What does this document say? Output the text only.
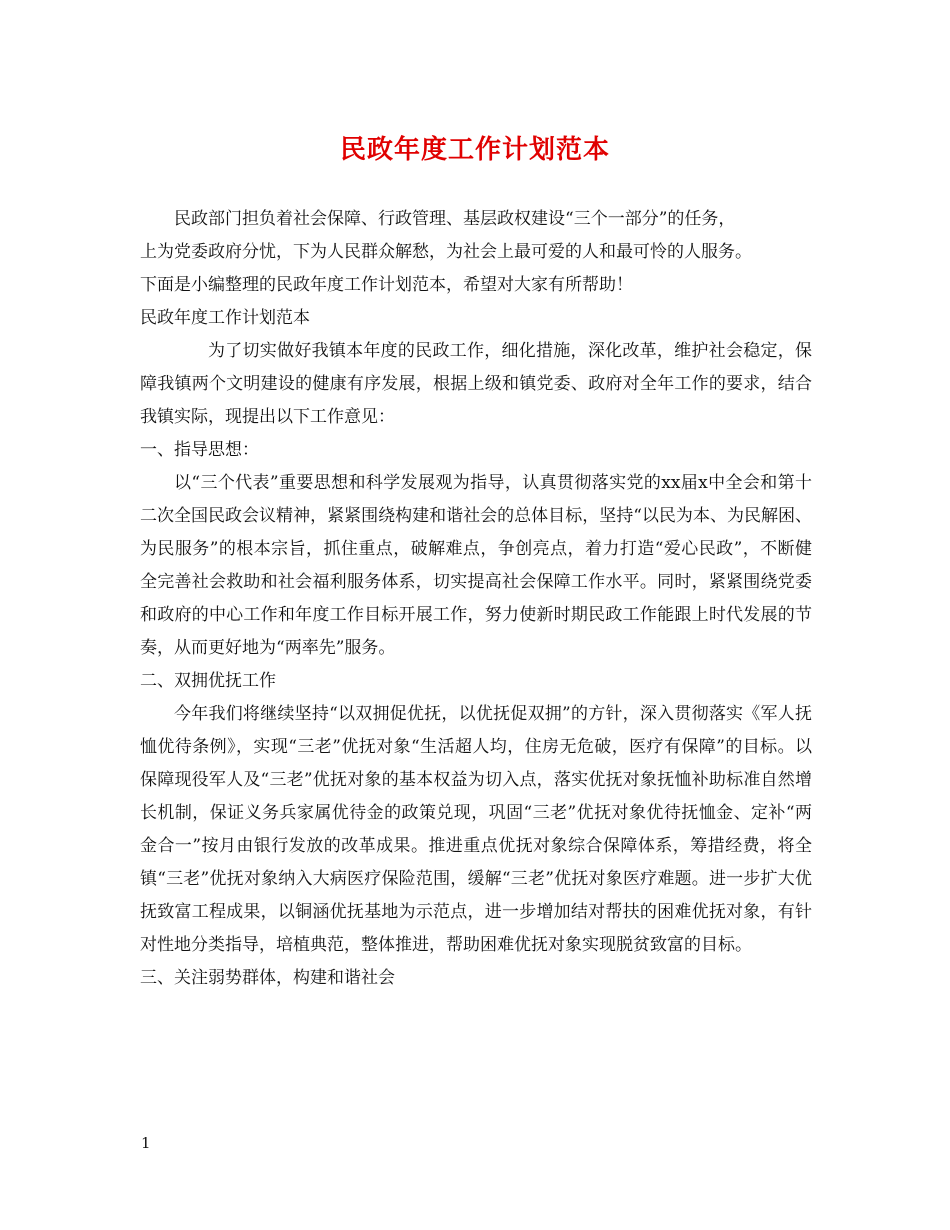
民政年度工作计划范本

民政部门担负着社会保障、行政管理、基层政权建设“三个一部分”的任务，

上为党委政府分忧，下为人民群众解愁，为社会上最可爱的人和最可怜的人服务。

下面是小编整理的民政年度工作计划范本，希望对大家有所帮助！

民政年度工作计划范本

为了切实做好我镇本年度的民政工作，细化措施，深化改革，维护社会稳定，保障我镇两个文明建设的健康有序发展，根据上级和镇党委、政府对全年工作的要求，结合我镇实际，现提出以下工作意见：

一、指导思想：

以“三个代表”重要思想和科学发展观为指导，认真贯彻落实党的xx届x中全会和第十二次全国民政会议精神，紧紧围绕构建和谐社会的总体目标，坚持“以民为本、为民解困、为民服务”的根本宗旨，抓住重点，破解难点，争创亮点，着力打造“爱心民政”，不断健全完善社会救助和社会福利服务体系，切实提高社会保障工作水平。同时，紧紧围绕党委和政府的中心工作和年度工作目标开展工作，努力使新时期民政工作能跟上时代发展的节奏，从而更好地为“两率先”服务。

二、双拥优抚工作

今年我们将继续坚持“以双拥促优抚，以优抚促双拥”的方针，深入贯彻落实《军人抚恤优待条例》，实现“三老”优抚对象“生活超人均，住房无危破，医疗有保障”的目标。以保障现役军人及“三老”优抚对象的基本权益为切入点，落实优抚对象抚恤补助标准自然增长机制，保证义务兵家属优待金的政策兑现，巩固“三老”优抚对象优待抚恤金、定补“两金合一”按月由银行发放的改革成果。推进重点优抚对象综合保障体系，筹措经费，将全镇“三老”优抚对象纳入大病医疗保险范围，缓解“三老”优抚对象医疗难题。进一步扩大优抚致富工程成果，以铜涵优抚基地为示范点，进一步增加结对帮扶的困难优抚对象，有针对性地分类指导，培植典范，整体推进，帮助困难优抚对象实现脱贫致富的目标。

三、关注弱势群体，构建和谐社会

1
